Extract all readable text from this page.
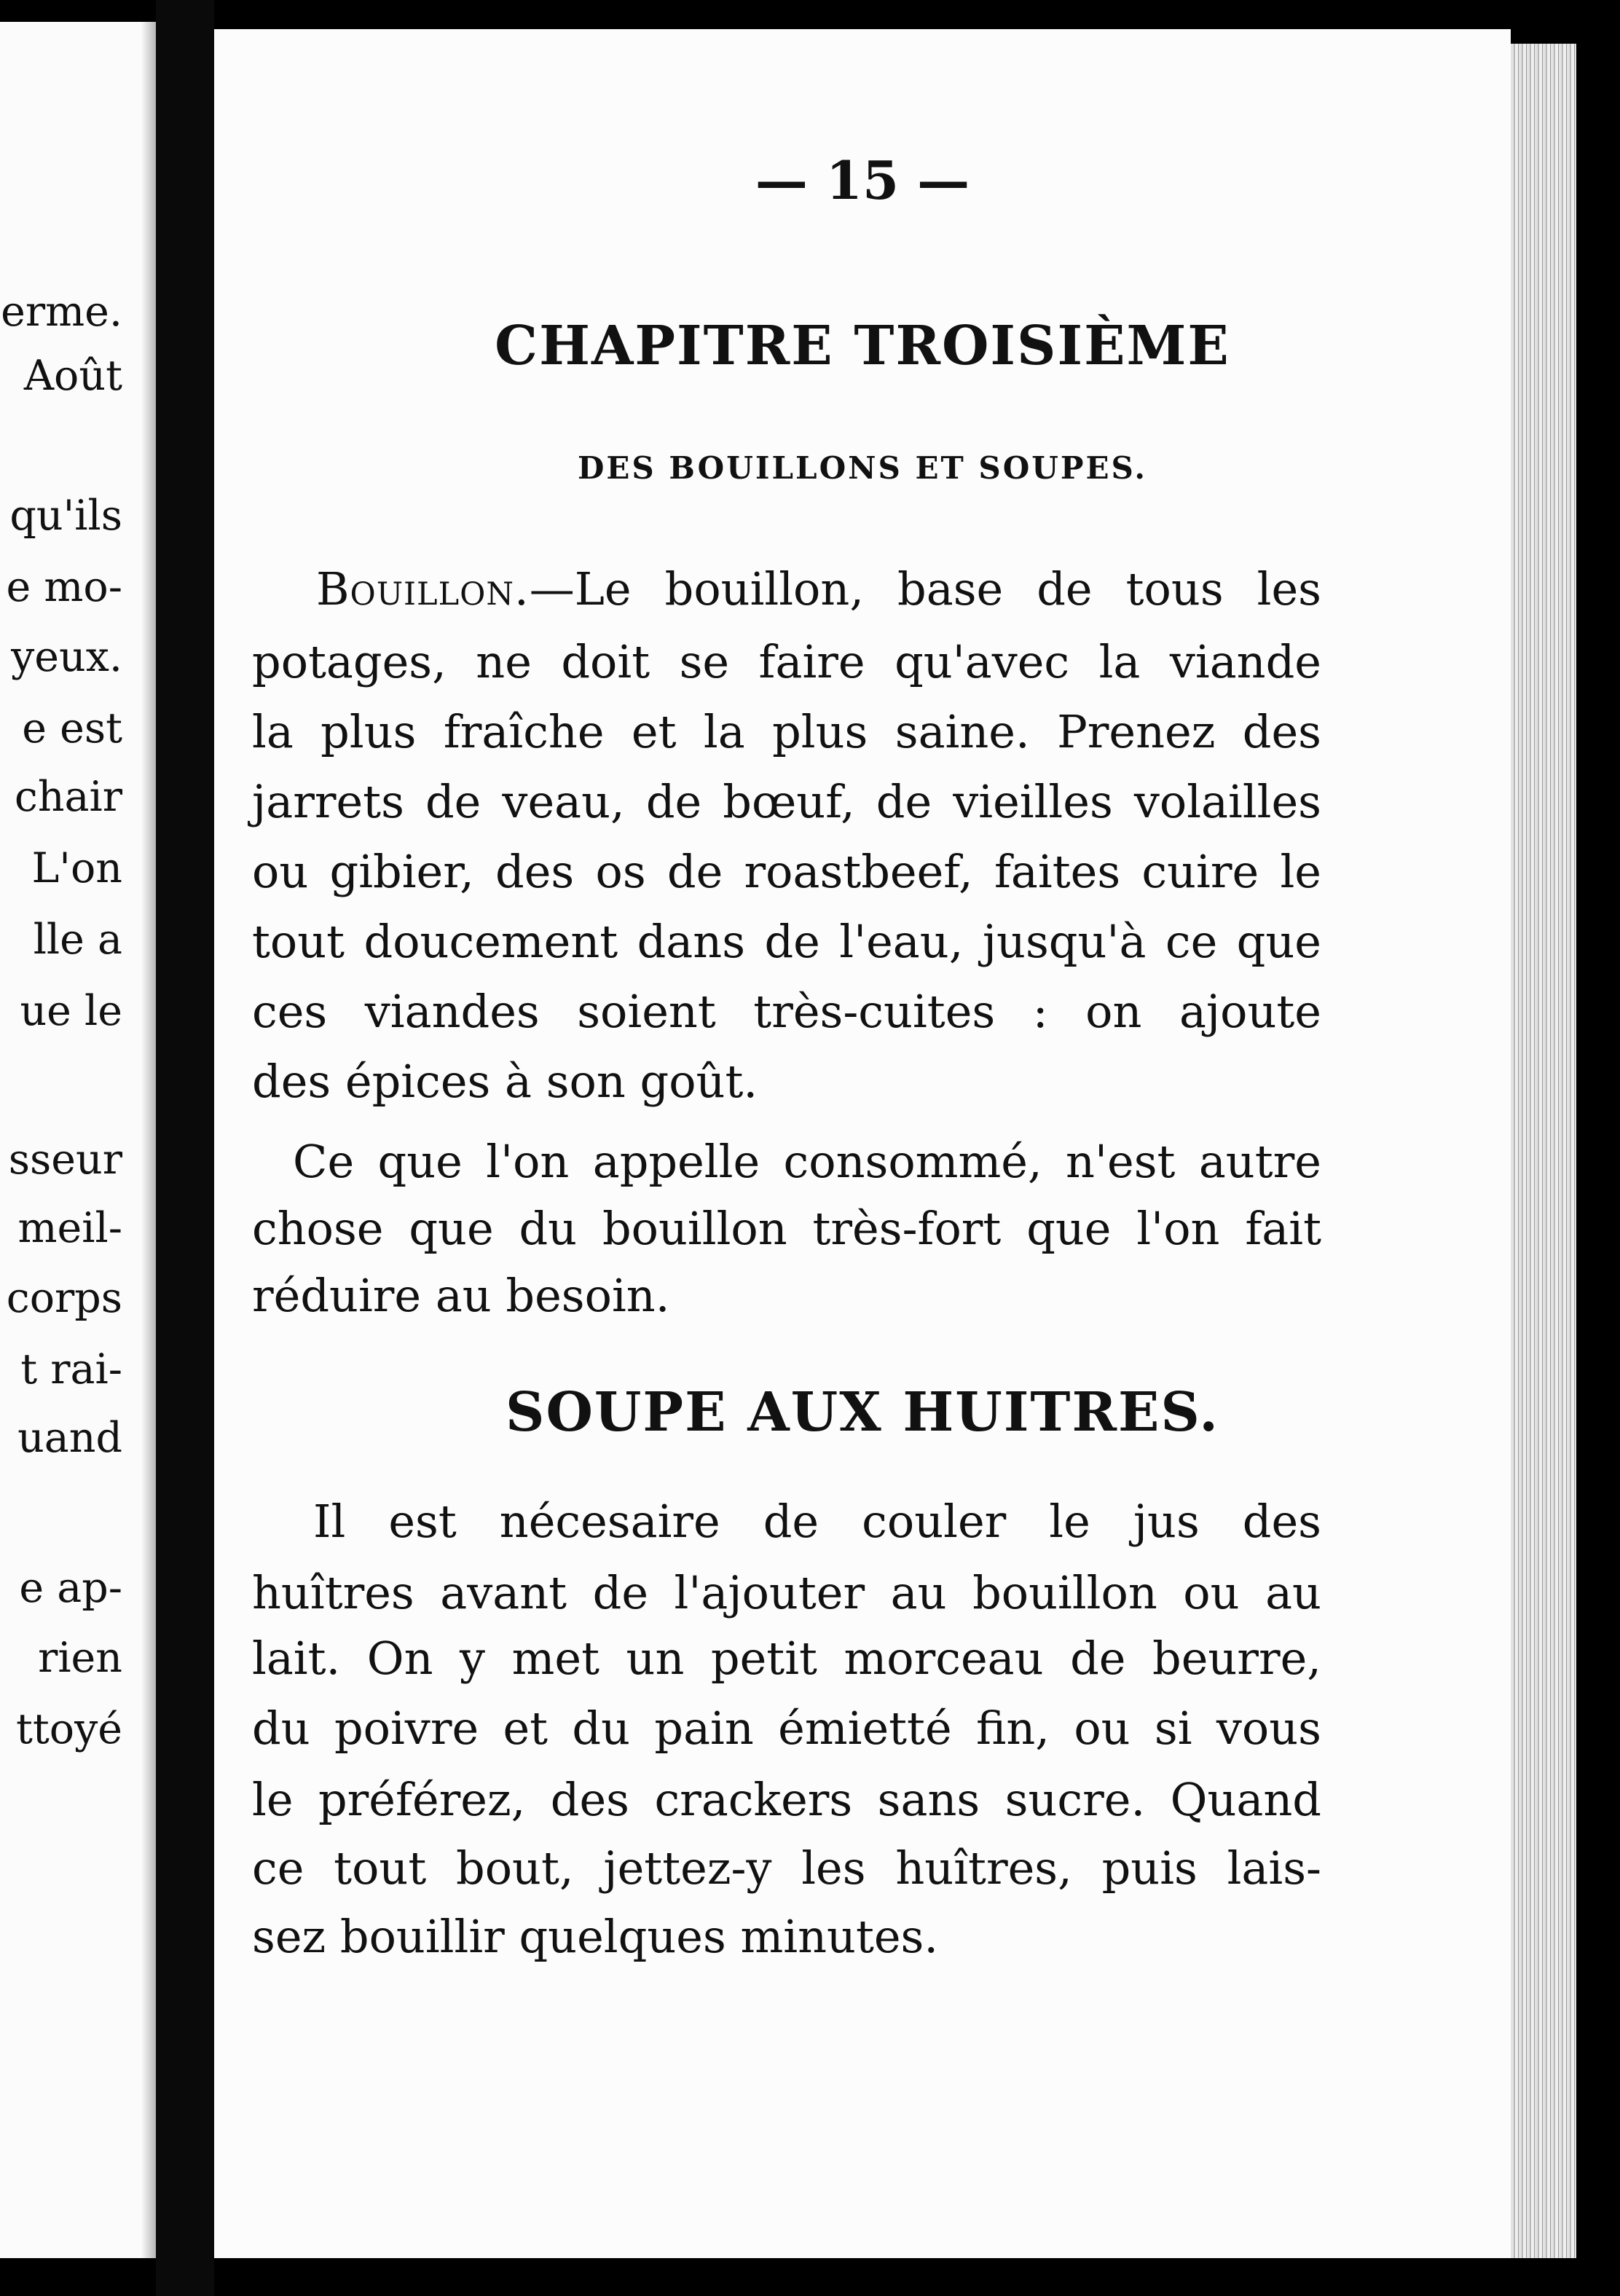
erme.
Août
qu'ils
e mo-
yeux.
e est
chair
L'on
lle a
ue le
sseur
meil-
corps
t rai-
uand
e ap-
rien
ttoyé
— 15 —
CHAPITRE TROISIÈME
DES BOUILLONS ET SOUPES.
Bouillon.—Le bouillon, base de tous les
potages, ne doit se faire qu'avec la viande
la plus fraîche et la plus saine. Prenez des
jarrets de veau, de bœuf, de vieilles volailles
ou gibier, des os de roastbeef, faites cuire le
tout doucement dans de l'eau, jusqu'à ce que
ces viandes soient très-cuites : on ajoute
des épices à son goût.
Ce que l'on appelle consommé, n'est autre
chose que du bouillon très-fort que l'on fait
réduire au besoin.
SOUPE AUX HUITRES.
Il est nécesaire de couler le jus des
huîtres avant de l'ajouter au bouillon ou au
lait. On y met un petit morceau de beurre,
du poivre et du pain émietté fin, ou si vous
le préférez, des crackers sans sucre. Quand
ce tout bout, jettez-y les huîtres, puis lais-
sez bouillir quelques minutes.
